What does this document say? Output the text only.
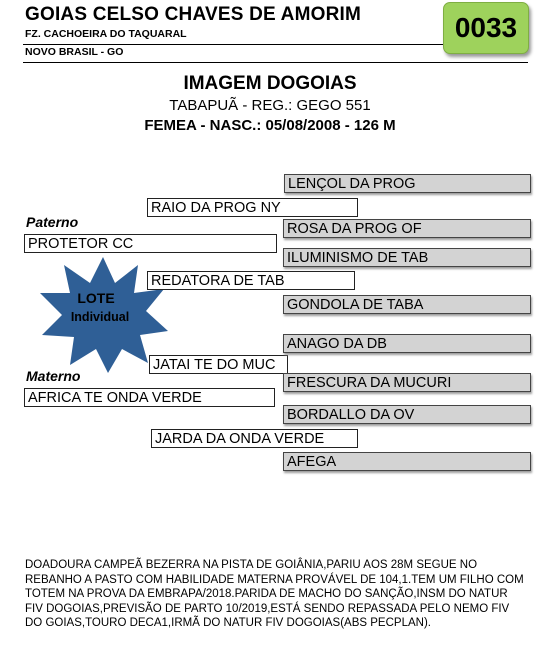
GOIAS CELSO CHAVES DE AMORIM
FZ. CACHOEIRA DO TAQUARAL
NOVO BRASIL - GO
0033
IMAGEM DOGOIAS
TABAPUÃ - REG.: GEGO 551
FEMEA - NASC.: 05/08/2008 - 126 M
LOTE
Individual
Paterno
Materno
PROTETOR CC
AFRICA TE ONDA VERDE
RAIO DA PROG NY
REDATORA DE TAB
JATAI TE DO MUC
JARDA DA ONDA VERDE
LENÇOL DA PROG
ROSA DA PROG OF
ILUMINISMO DE TAB
GONDOLA DE TABA
ANAGO DA DB
FRESCURA DA MUCURI
BORDALLO DA OV
AFEGA
DOADOURA CAMPEÃ BEZERRA NA PISTA DE GOIÂNIA,PARIU AOS 28M SEGUE NO REBANHO A PASTO COM HABILIDADE MATERNA PROVÁVEL DE 104,1.TEM UM FILHO COM TOTEM NA PROVA DA EMBRAPA/2018.PARIDA DE MACHO DO SANÇÃO,INSM DO NATUR FIV DOGOIAS,PREVISÃO DE PARTO 10/2019,ESTÁ SENDO REPASSADA PELO NEMO FIV DO GOIAS,TOURO DECA1,IRMÃ DO NATUR FIV DOGOIAS(ABS PECPLAN).
